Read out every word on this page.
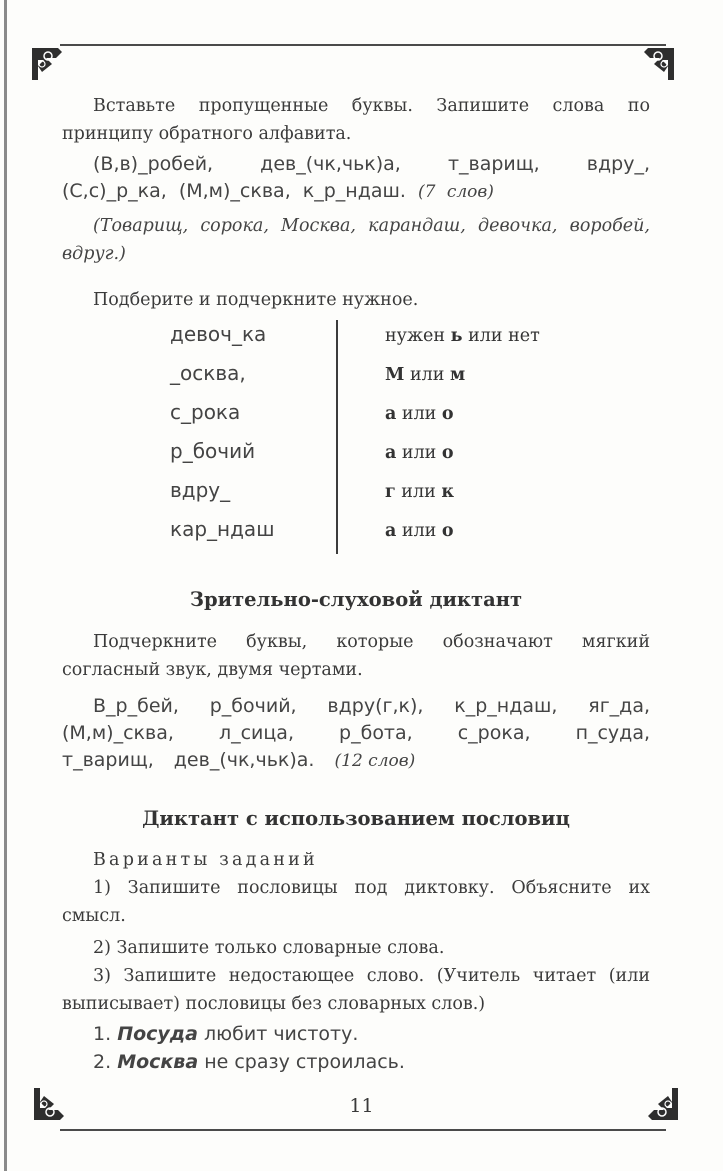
Вставьте пропущенные буквы. Запишите слова по принципу обратного алфавита.
(В,в)_робей, дев_(чк,чьк)а, т_варищ, вдру_, (С,с)_р_ка, (М,м)_сква, к_р_ндаш. (7 слов)
(Товарищ, сорока, Москва, карандаш, девочка, воробей, вдруг.)
Подберите и подчеркните нужное.
девоч_ка	нужен ь или нет
_осква,	М или м
с_рока	а или о
р_бочий	а или о
вдру_	г или к
кар_ндаш	а или о
Зрительно-слуховой диктант
Подчеркните буквы, которые обозначают мягкий согласный звук, двумя чертами.
В_р_бей, р_бочий, вдру(г,к), к_р_ндаш, яг_да, (М,м)_сква, л_сица, р_бота, с_рока, п_суда, т_варищ, дев_(чк,чьк)а. (12 слов)
Диктант с использованием пословиц
Варианты заданий
1) Запишите пословицы под диктовку. Объясните их смысл.
2) Запишите только словарные слова.
3) Запишите недостающее слово. (Учитель читает (или выписывает) пословицы без словарных слов.)
1. Посуда любит чистоту.
2. Москва не сразу строилась.
11
